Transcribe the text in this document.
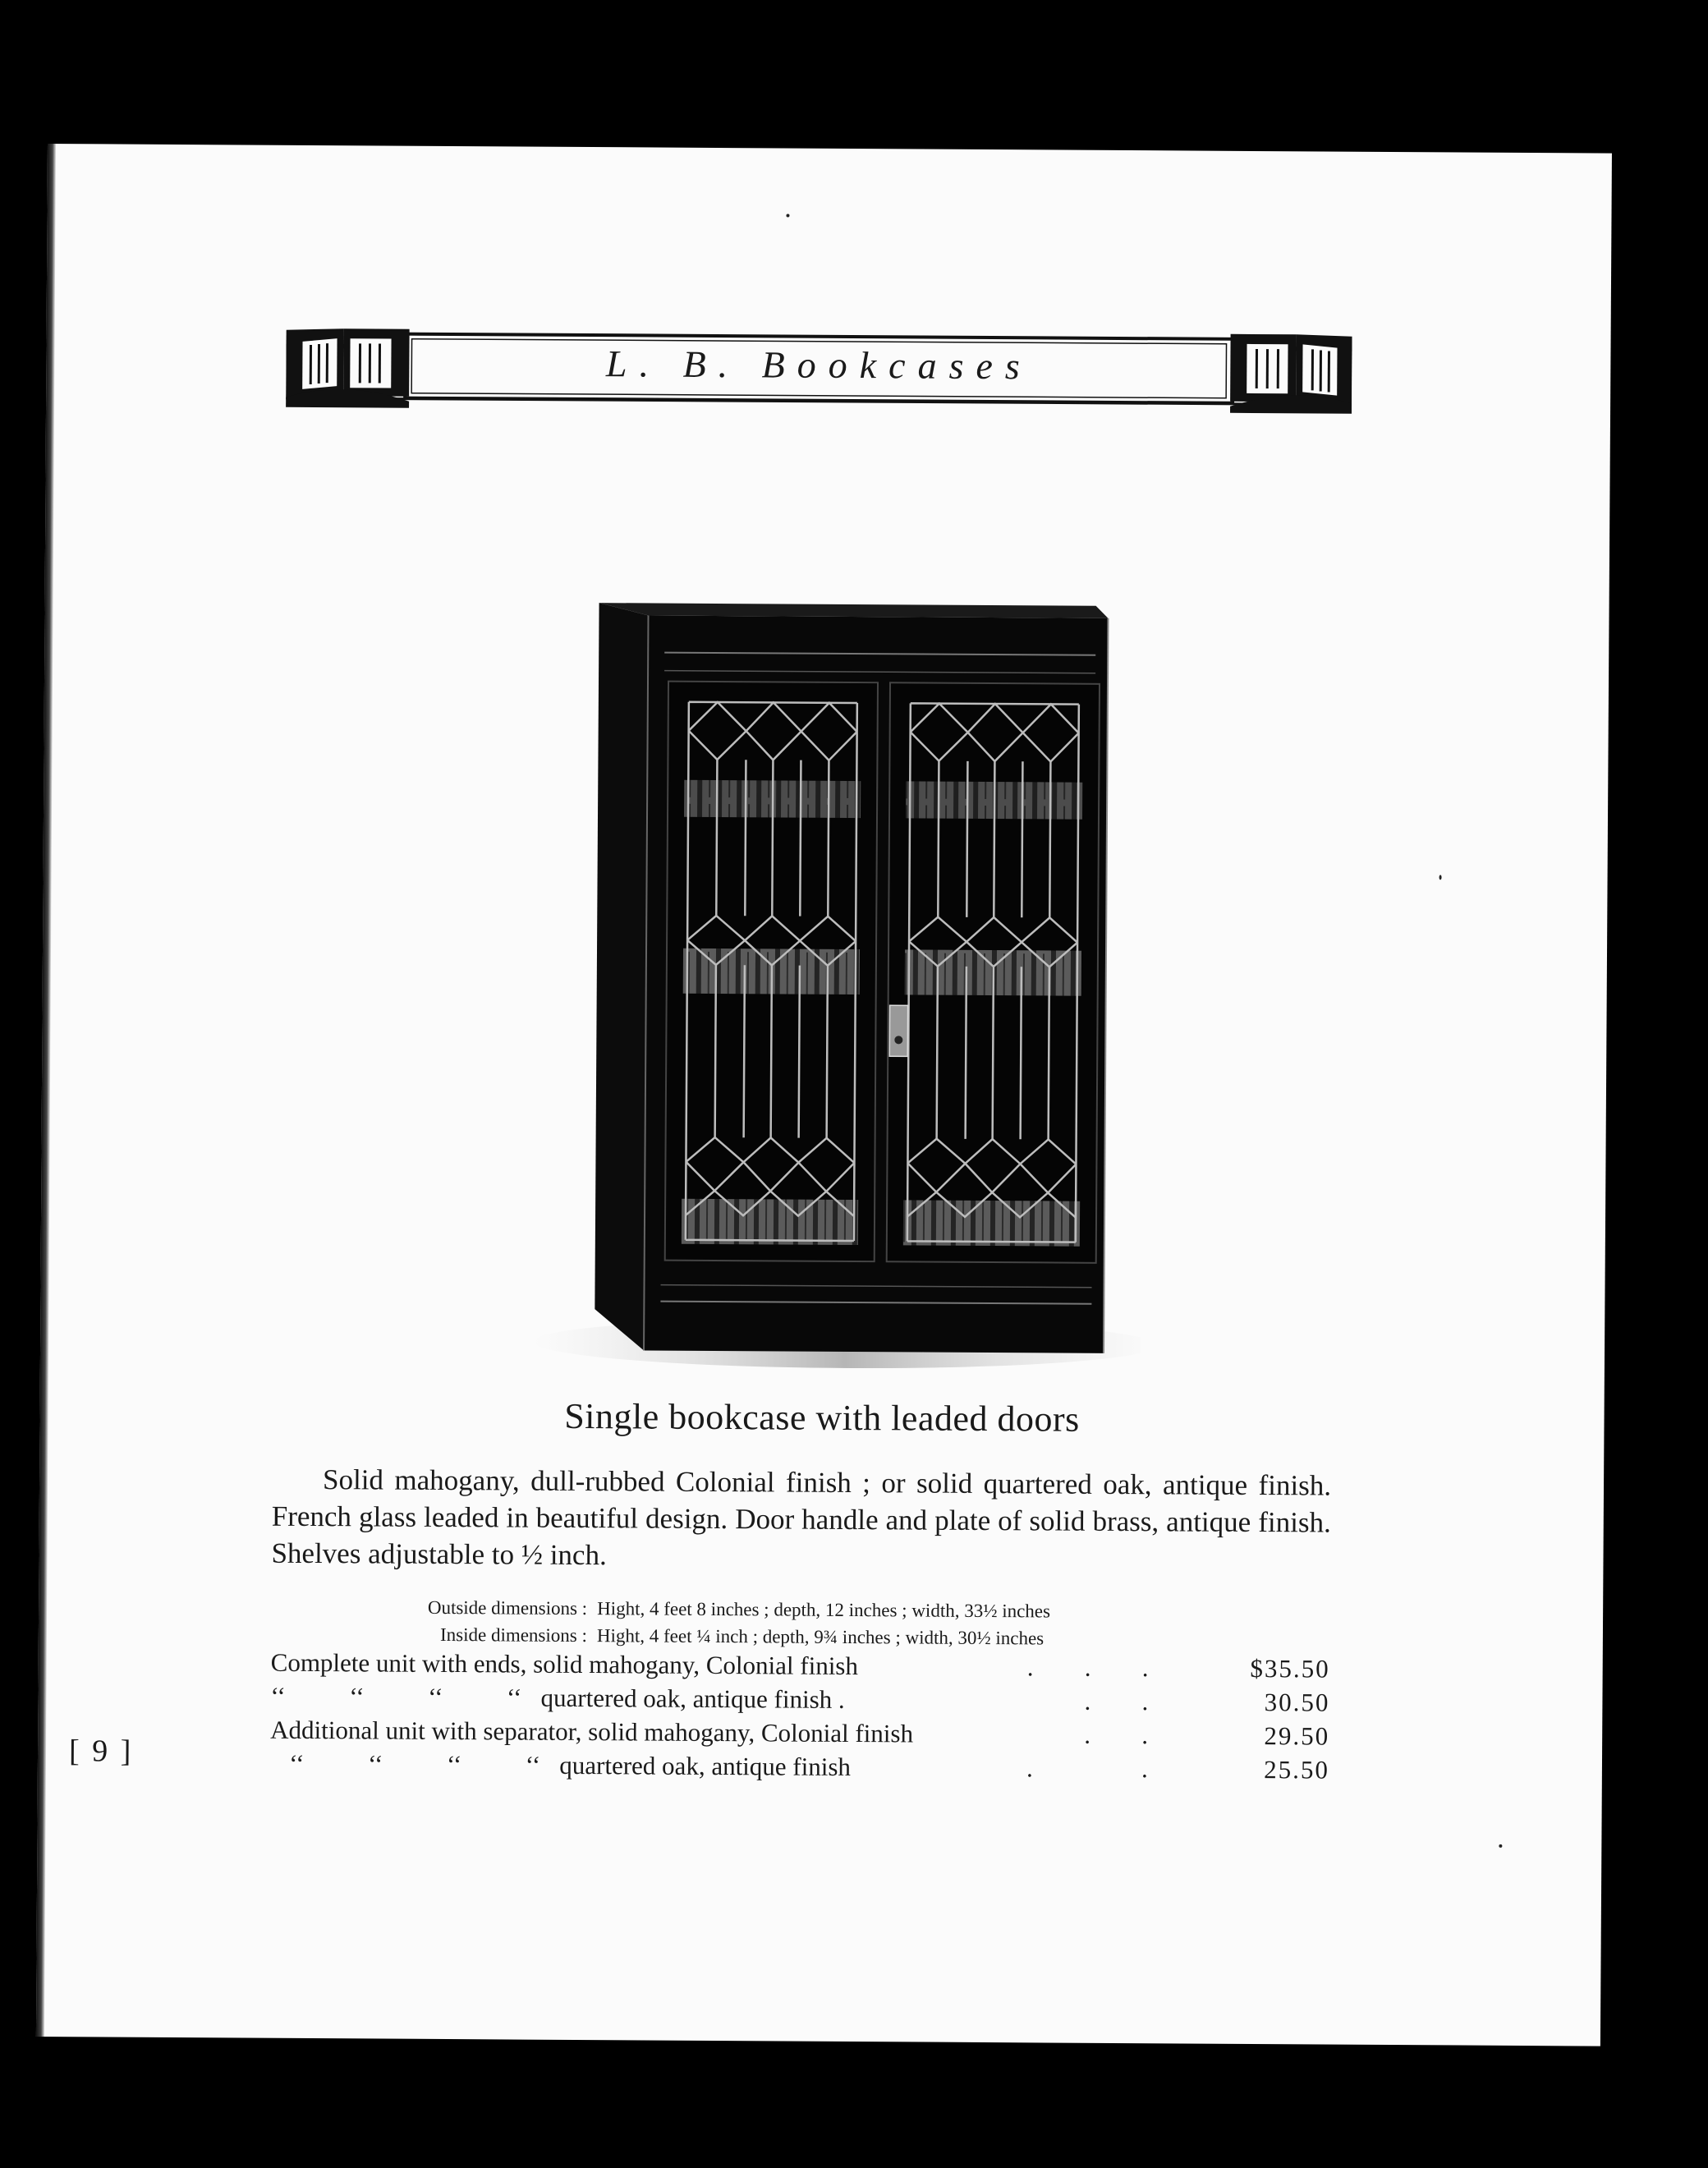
L. B. Bookcases
Single bookcase with leaded doors
Solid mahogany, dull-rubbed Colonial finish ; or solid quartered oak, antique finish. French glass leaded in beautiful design. Door handle and plate of solid brass, antique finish. Shelves adjustable to ½ inch.
Outside dimensions : Hight, 4 feet 8 inches ; depth, 12 inches ; width, 33½ inches
Inside dimensions : Hight, 4 feet ¼ inch ; depth, 9¾ inches ; width, 30½ inches
Complete unit with ends, solid mahogany, Colonial finish	. . .	$35.50
‘‘          ‘‘          ‘‘          ‘‘   quartered oak, antique finish .	. .	30.50
Additional unit with separator, solid mahogany, Colonial finish	. .	29.50
‘‘          ‘‘          ‘‘          ‘‘   quartered oak, antique finish	.	.	25.50
[ 9 ]
